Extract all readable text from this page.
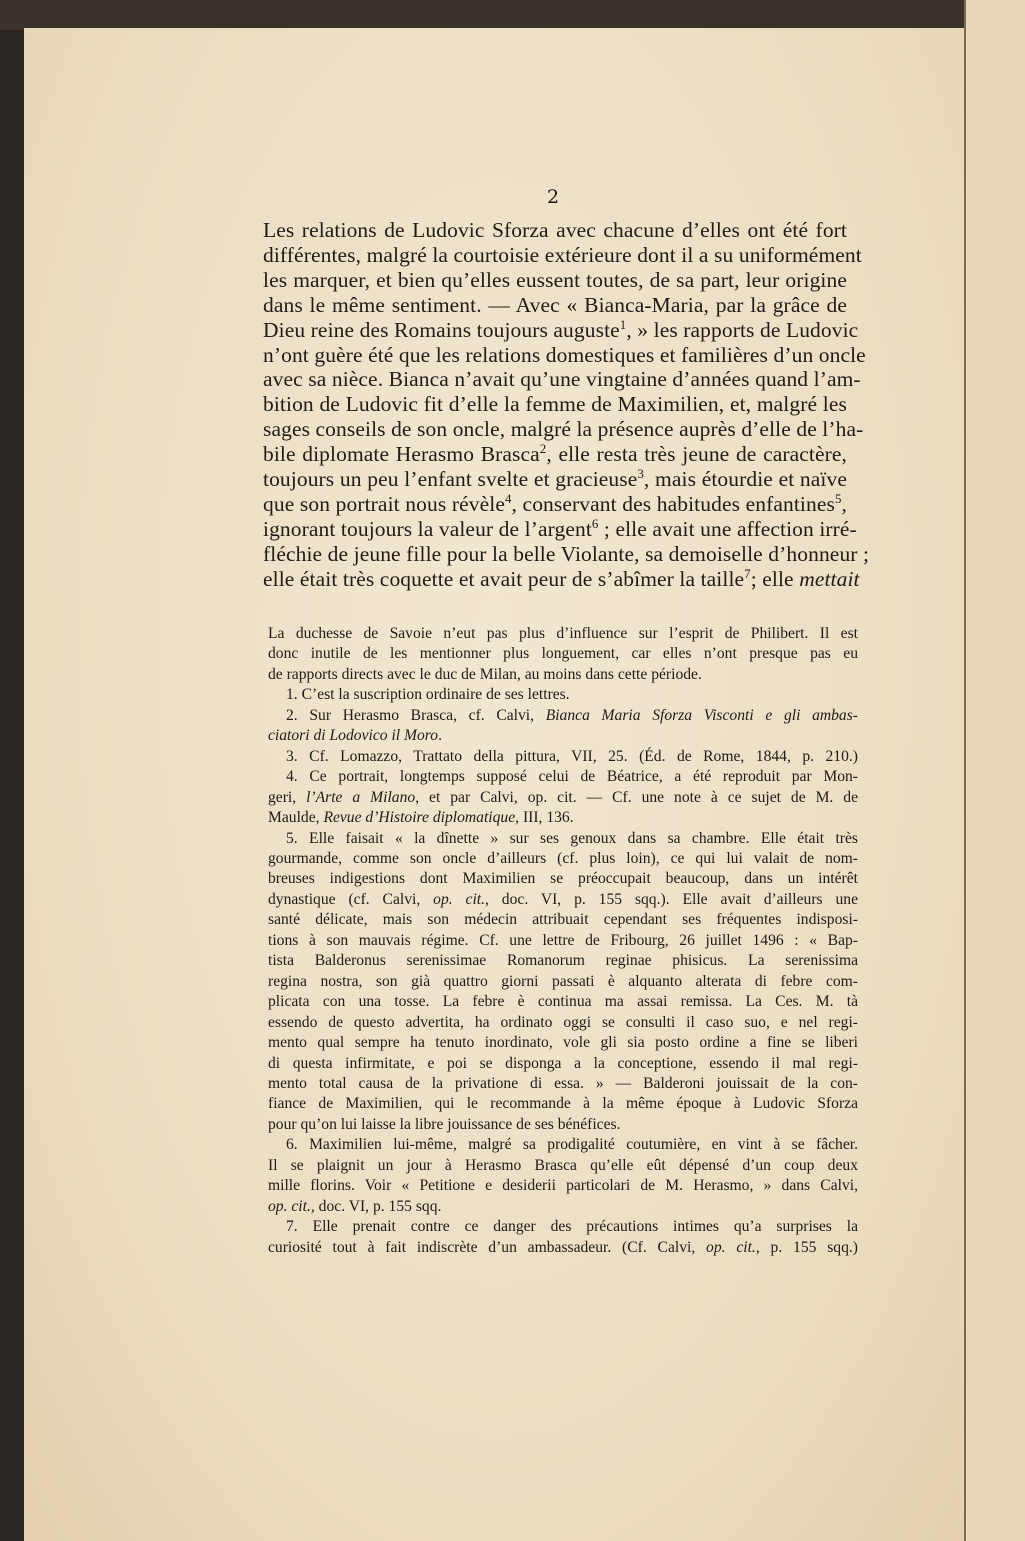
2
Les relations de Ludovic Sforza avec chacune d’elles ont été fort
différentes, malgré la courtoisie extérieure dont il a su uniformément
les marquer, et bien qu’elles eussent toutes, de sa part, leur origine
dans le même sentiment. — Avec « Bianca-Maria, par la grâce de
Dieu reine des Romains toujours auguste$^1$, » les rapports de Ludovic
n’ont guère été que les relations domestiques et familières d’un oncle
avec sa nièce. Bianca n’avait qu’une vingtaine d’années quand l’am-
bition de Ludovic fit d’elle la femme de Maximilien, et, malgré les
sages conseils de son oncle, malgré la présence auprès d’elle de l’ha-
bile diplomate Herasmo Brasca$^2$, elle resta très jeune de caractère,
toujours un peu l’enfant svelte et gracieuse$^3$, mais étourdie et naïve
que son portrait nous révèle$^4$, conservant des habitudes enfantines$^5$,
ignorant toujours la valeur de l’argent$^6$ ; elle avait une affection irré-
fléchie de jeune fille pour la belle Violante, sa demoiselle d’honneur ;
elle était très coquette et avait peur de s’abîmer la taille$^7$; elle mettait
La duchesse de Savoie n’eut pas plus d’influence sur l’esprit de Philibert. Il est
donc inutile de les mentionner plus longuement, car elles n’ont presque pas eu
de rapports directs avec le duc de Milan, au moins dans cette période.
1. C’est la suscription ordinaire de ses lettres.
2. Sur Herasmo Brasca, cf. Calvi, Bianca Maria Sforza Visconti e gli ambas-
ciatori di Lodovico il Moro.
3. Cf. Lomazzo, Trattato della pittura, VII, 25. (Éd. de Rome, 1844, p. 210.)
4. Ce portrait, longtemps supposé celui de Béatrice, a été reproduit par Mon-
geri, l’Arte a Milano, et par Calvi, op. cit. — Cf. une note à ce sujet de M. de
Maulde, Revue d’Histoire diplomatique, III, 136.
5. Elle faisait « la dînette » sur ses genoux dans sa chambre. Elle était très
gourmande, comme son oncle d’ailleurs (cf. plus loin), ce qui lui valait de nom-
breuses indigestions dont Maximilien se préoccupait beaucoup, dans un intérêt
dynastique (cf. Calvi, op. cit., doc. VI, p. 155 sqq.). Elle avait d’ailleurs une
santé délicate, mais son médecin attribuait cependant ses fréquentes indisposi-
tions à son mauvais régime. Cf. une lettre de Fribourg, 26 juillet 1496 : « Bap-
tista Balderonus serenissimae Romanorum reginae phisicus. La serenissima
regina nostra, son già quattro giorni passati è alquanto alterata di febre com-
plicata con una tosse. La febre è continua ma assai remissa. La Ces. M. tà
essendo de questo advertita, ha ordinato oggi se consulti il caso suo, e nel regi-
mento qual sempre ha tenuto inordinato, vole gli sia posto ordine a fine se liberi
di questa infirmitate, e poi se disponga a la conceptione, essendo il mal regi-
mento total causa de la privatione di essa. » — Balderoni jouissait de la con-
fiance de Maximilien, qui le recommande à la même époque à Ludovic Sforza
pour qu’on lui laisse la libre jouissance de ses bénéfices.
6. Maximilien lui-même, malgré sa prodigalité coutumière, en vint à se fâcher.
Il se plaignit un jour à Herasmo Brasca qu’elle eût dépensé d’un coup deux
mille florins. Voir « Petitione e desiderii particolari de M. Herasmo, » dans Calvi,
op. cit., doc. VI, p. 155 sqq.
7. Elle prenait contre ce danger des précautions intimes qu’a surprises la
curiosité tout à fait indiscrète d’un ambassadeur. (Cf. Calvi, op. cit., p. 155 sqq.)
